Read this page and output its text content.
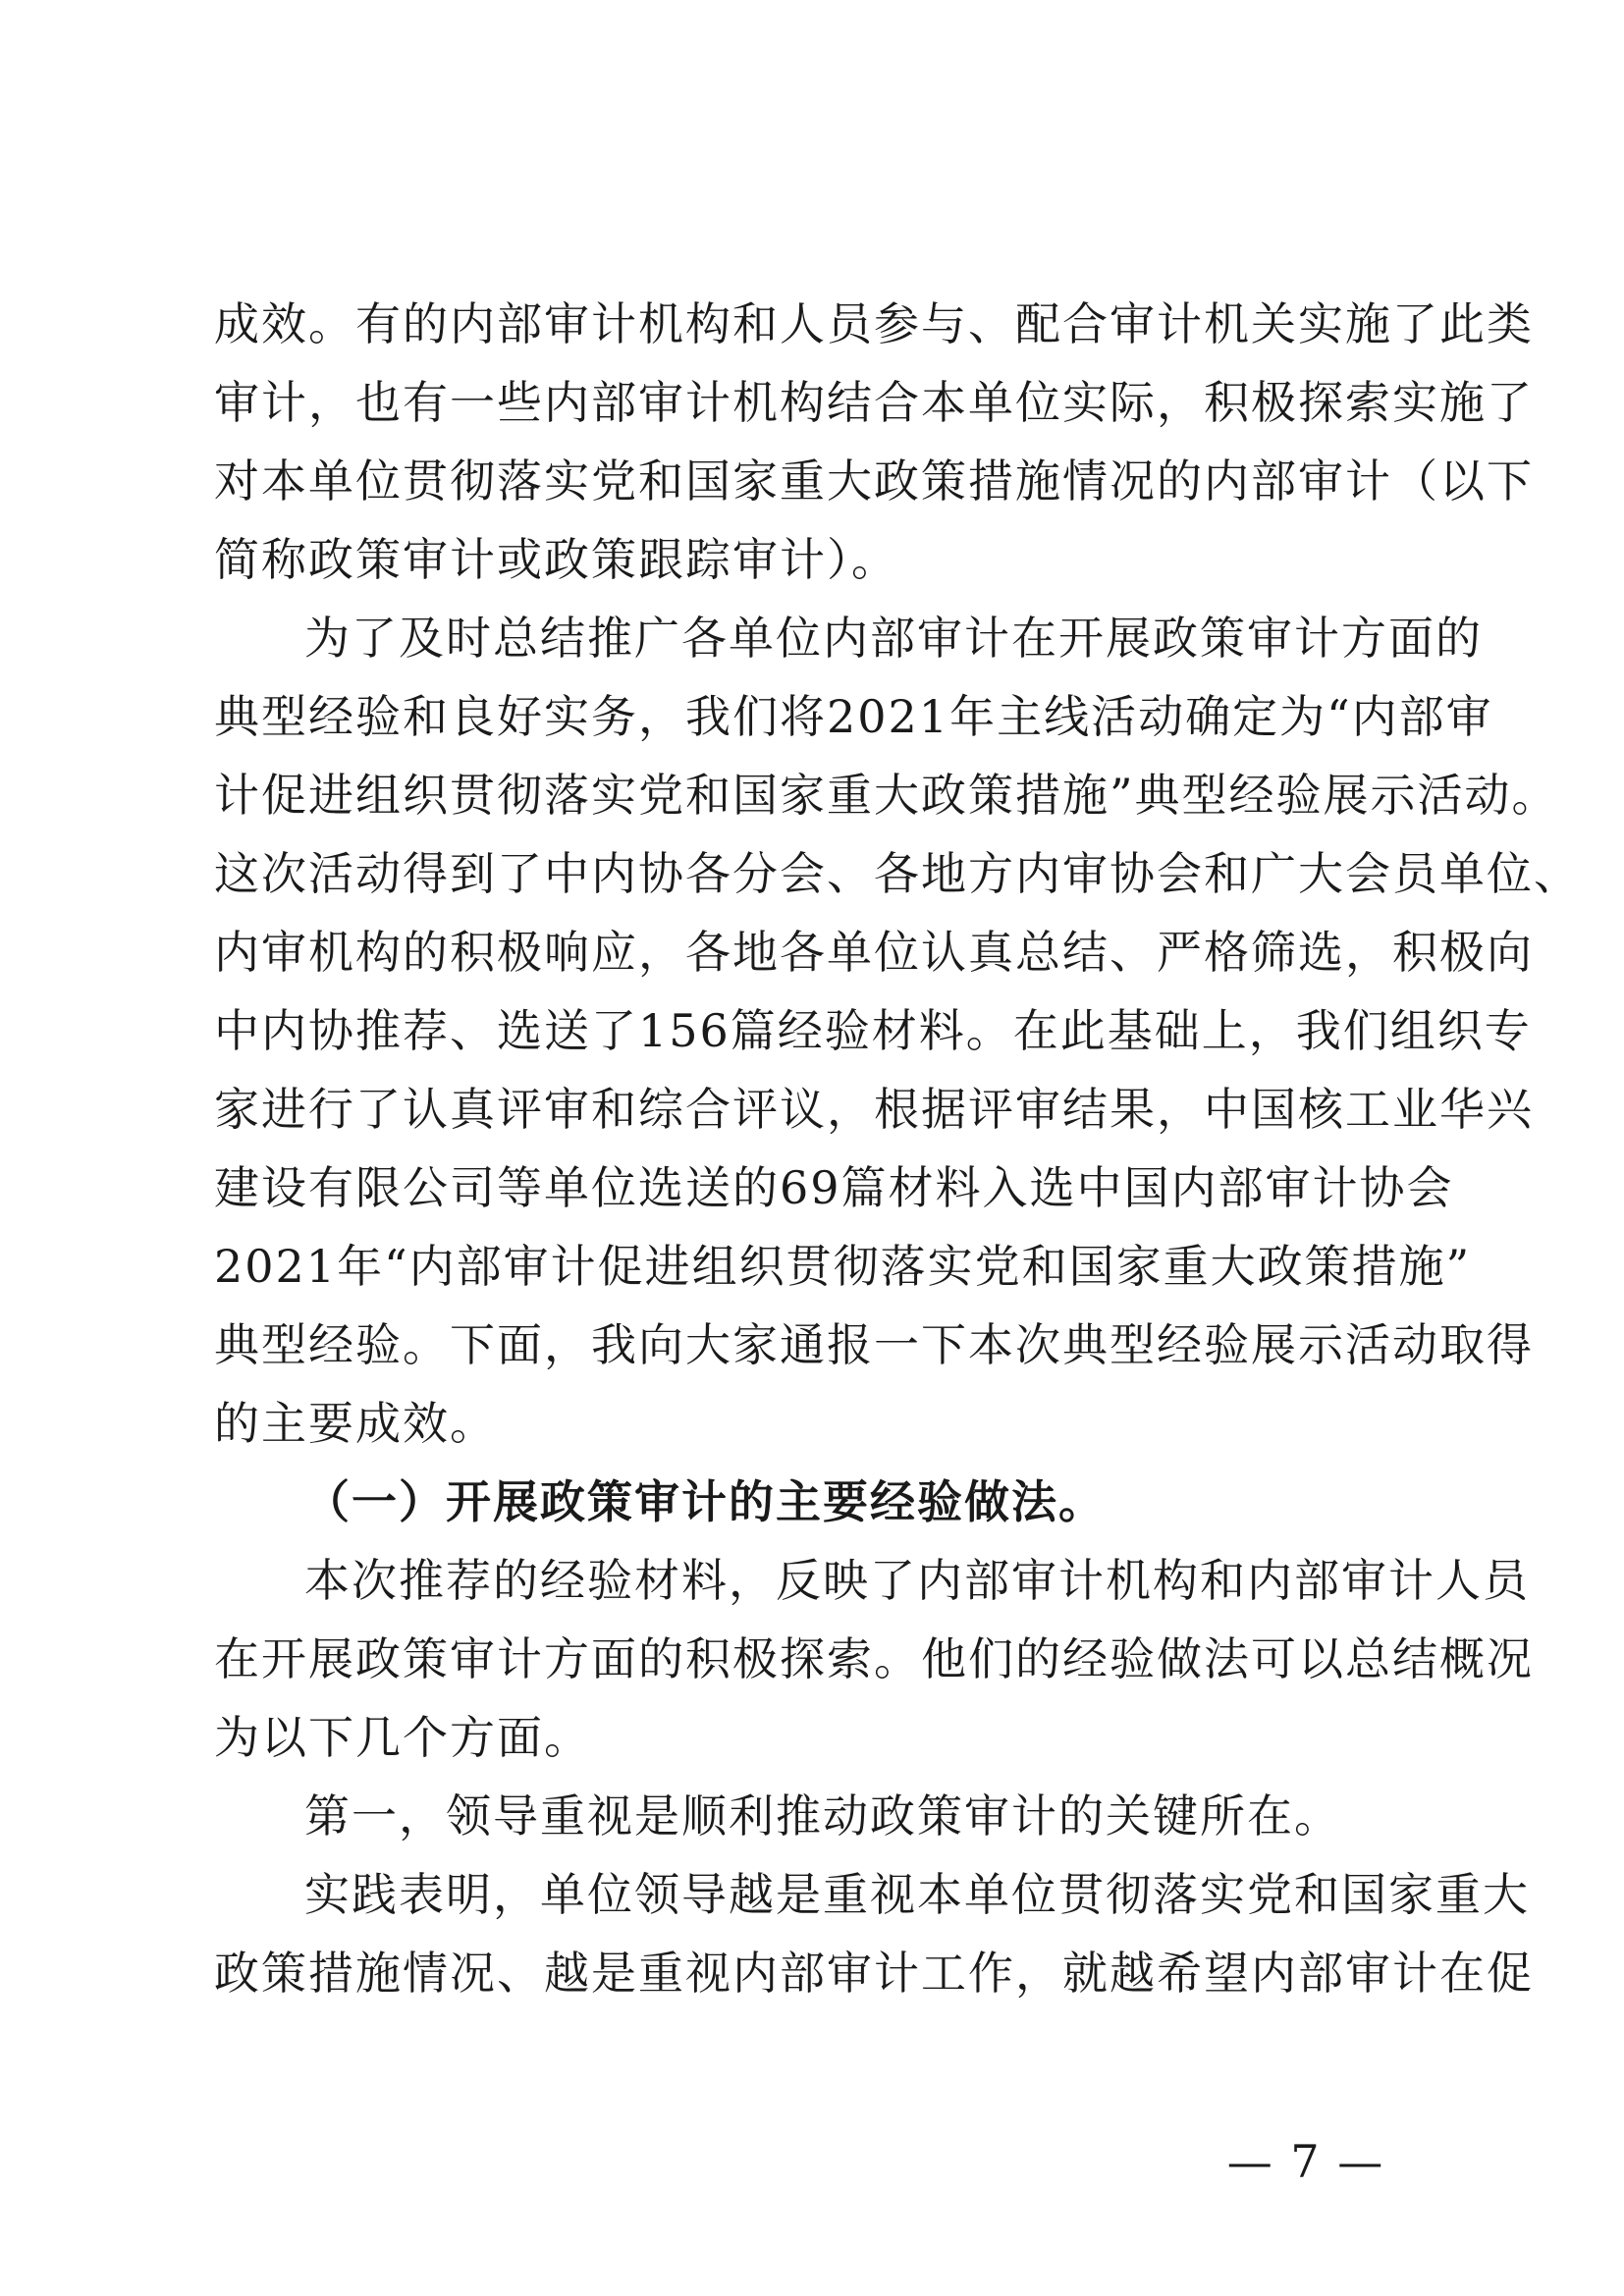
成效。有的内部审计机构和人员参与、配合审计机关实施了此类
审计，也有一些内部审计机构结合本单位实际，积极探索实施了
对本单位贯彻落实党和国家重大政策措施情况的内部审计（以下
简称政策审计或政策跟踪审计）。
为了及时总结推广各单位内部审计在开展政策审计方面的
典型经验和良好实务，我们将2021年主线活动确定为“内部审
计促进组织贯彻落实党和国家重大政策措施”典型经验展示活动。
这次活动得到了中内协各分会、各地方内审协会和广大会员单位、
内审机构的积极响应，各地各单位认真总结、严格筛选，积极向
中内协推荐、选送了156篇经验材料。在此基础上，我们组织专
家进行了认真评审和综合评议，根据评审结果，中国核工业华兴
建设有限公司等单位选送的69篇材料入选中国内部审计协会
2021年“内部审计促进组织贯彻落实党和国家重大政策措施”
典型经验。下面，我向大家通报一下本次典型经验展示活动取得
的主要成效。
（一）开展政策审计的主要经验做法。
本次推荐的经验材料，反映了内部审计机构和内部审计人员
在开展政策审计方面的积极探索。他们的经验做法可以总结概况
为以下几个方面。
第一，领导重视是顺利推动政策审计的关键所在。
实践表明，单位领导越是重视本单位贯彻落实党和国家重大
政策措施情况、越是重视内部审计工作，就越希望内部审计在促
— 7 —
